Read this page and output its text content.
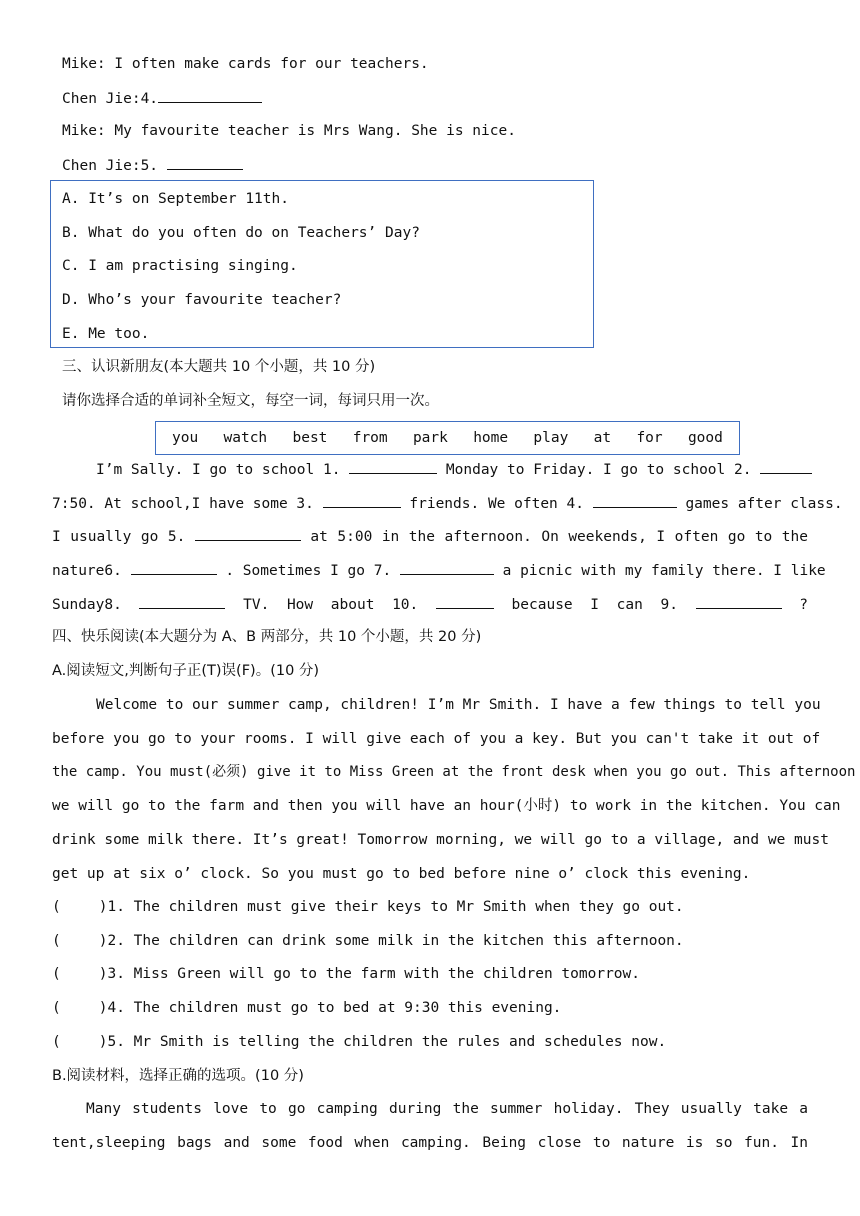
Mike: I often make cards for our teachers.
Chen Jie:4.
Mike: My favourite teacher is Mrs Wang. She is nice.
Chen Jie:5.
A. It’s on September 11th.
B. What do you often do on Teachers’ Day?
C. I am practising singing.
D. Who’s your favourite teacher?
E. Me too.
三、认识新朋友(本大题共 10 个小题，共 10 分)
请你选择合适的单词补全短文，每空一词，每词只用一次。
you watch best from park home play at for good
I’m Sally. I go to school 1.	Monday to Friday. I go to school 2.
7:50. At school,I have some 3.	friends. We often 4.	games after class.
I usually go 5.	at 5:00 in the afternoon. On weekends, I often go to the
nature6.	. Sometimes I go 7.	a picnic with my family there. I like
Sunday8.	TV. How about 10.	because I can 9.	?
四、快乐阅读(本大题分为 A、B 两部分，共 10 个小题，共 20 分)
A.阅读短文,判断句子正(T)误(F)。(10 分)
Welcome to our summer camp, children! I’m Mr Smith. I have a few things to tell you
before you go to your rooms. I will give each of you a key. But you can't take it out of
the camp. You must(必须) give it to Miss Green at the front desk when you go out. This afternoon
we will go to the farm and then you will have an hour(小时) to work in the kitchen. You can
drink some milk there. It’s great! Tomorrow morning, we will go to a village, and we must
get up at six o’ clock. So you must go to bed before nine o’ clock this evening.
(	)1. The children must give their keys to Mr Smith when they go out.
(	)2. The children can drink some milk in the kitchen this afternoon.
(	)3. Miss Green will go to the farm with the children tomorrow.
(	)4. The children must go to bed at 9:30 this evening.
(	)5. Mr Smith is telling the children the rules and schedules now.
B.阅读材料，选择正确的选项。(10 分)
Many students love to go camping during the summer holiday. They usually take a
tent,sleeping bags and some food when camping. Being close to nature is so fun. In
